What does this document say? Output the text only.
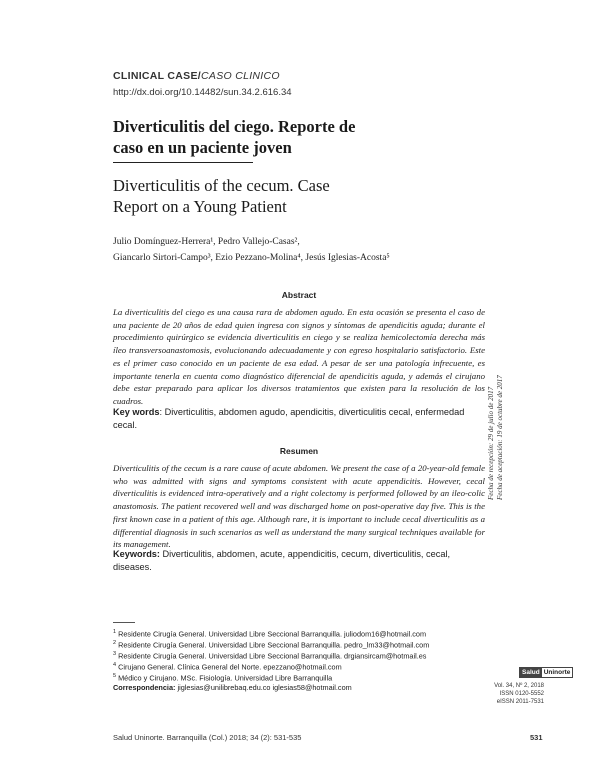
CLINICAL CASE/CASO CLINICO
http://dx.doi.org/10.14482/sun.34.2.616.34
Diverticulitis del ciego. Reporte de
caso en un paciente joven
Diverticulitis of the cecum. Case
Report on a Young Patient
Julio Domínguez-Herrera¹, Pedro Vallejo-Casas²,
Giancarlo Sirtori-Campo³, Ezio Pezzano-Molina⁴, Jesús Iglesias-Acosta⁵
Abstract
La diverticulitis del ciego es una causa rara de abdomen agudo. En esta ocasión se presenta el caso de una paciente de 20 años de edad quien ingresa con signos y síntomas de apendicitis aguda; durante el procedimiento quirúrgico se evidencia diverticulitis en ciego y se realiza hemicolectomía derecha más íleo transversoanastomosis, evolucionando adecuadamente y con egreso hospitalario satisfactorio. Este es el primer caso conocido en un paciente de esa edad. A pesar de ser una patología infrecuente, es importante tenerla en cuenta como diagnóstico diferencial de apendicitis aguda, y además el cirujano debe estar preparado para aplicar los diversos tratamientos que existen para la resolución de los cuadros.
Key words: Diverticulitis, abdomen agudo, apendicitis, diverticulitis cecal, enfermedad cecal.
Resumen
Diverticulitis of the cecum is a rare cause of acute abdomen. We present the case of a 20-year-old female who was admitted with signs and symptoms consistent with acute appendicitis. However, cecal diverticulitis is evidenced intra-operatively and a right colectomy is performed followed by an ileo-colic anastomosis. The patient recovered well and was discharged home on post-operative day five. This is the first known case in a patient of this age. Although rare, it is important to include cecal diverticulitis as a differential diagnosis in such scenarios as well as understand the many surgical techniques available for its management.
Keywords: Diverticulitis, abdomen, acute, appendicitis, cecum, diverticulitis, cecal, diseases.
Fecha de recepción: 29 de julio de 2017 Fecha de aceptación: 19 de octubre de 2017

$^1$ Residente Cirugía General. Universidad Libre Seccional Barranquilla. juliodom16@hotmail.com

$^2$ Residente Cirugía General. Universidad Libre Seccional Barranquilla. pedro_lm33@hotmail.com

$^3$ Residente Cirugía General. Universidad Libre Seccional Barranquilla. drgiansircam@hotmail.es

$^4$ Cirujano General. Clínica General del Norte. epezzano@hotmail.com

$^5$ Médico y Cirujano. MSc. Fisiología. Universidad Libre Barranquilla

Correspondencia: jiglesias@unilibrebaq.edu.co iglesias58@hotmail.com

Salud Uninorte
Vol. 34, Nº 2, 2018
ISSN 0120-5552
eISSN 2011-7531
Salud Uninorte. Barranquilla (Col.) 2018; 34 (2): 531-535	531
